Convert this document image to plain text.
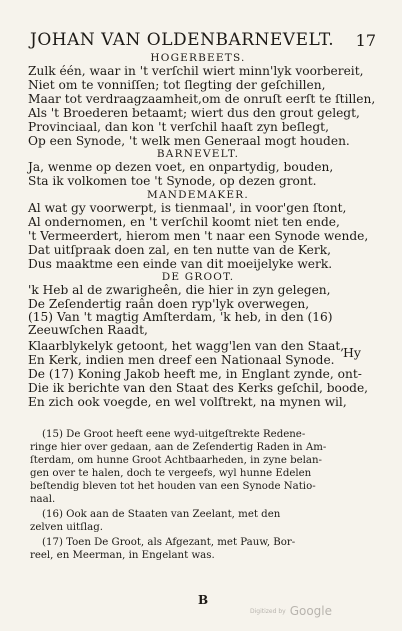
JOHAN VAN OLDENBARNEVELT. 17
HOGERBEETS.
Zulk één, waar in 't verſchil wiert minn'lyk voorbereit,
Niet om te vonniſſen; tot ſlegting der geſchillen,
Maar tot verdraagzaamheit,om de onruſt eerſt te ſtillen,
Als 't Broederen betaamt; wiert dus den grout gelegt,
Provinciaal, dan kon 't verſchil haaſt zyn beſlegt,
Op een Synode, 't welk men Generaal mogt houden.
BARNEVELT.
Ja, wenme op dezen voet, en onpartydig, bouden,
Sta ik volkomen toe 't Synode, op dezen gront.
MANDEMAKER.
Al wat gy voorwerpt, is tienmaal', in voor'gen ſtont,
Al ondernomen, en 't verſchil koomt niet ten ende,
't Vermeerdert, hierom men 't naar een Synode wende,
Dat uitſpraak doen zal, en ten nutte van de Kerk,
Dus maaktme een einde van dit moeijelyke werk.
DE GROOT.
'k Heb al de zwarigheên, die hier in zyn gelegen,
De Zeſendertig raân doen ryp'lyk overwegen,
(15) Van 't magtig Amſterdam, 'k heb, in den (16) Zeeuwſchen Raadt,
Klaarblykelyk getoont, het wagg'len van den Staat,
En Kerk, indien men dreef een Nationaal Synode.
De (17) Koning Jakob heeft me, in Englant zynde, ont-
Die ik berichte van den Staat des Kerks geſchil, boode,
En zich ook voegde, en wel volſtrekt, na mynen wil,
Hy
(15) De Groot heeft eene wyd-uitgeſtrekte Redene-
ringe hier over gedaan, aan de Zeſendertig Raden in Am-
ſterdam, om hunne Groot Achtbaarheden, in zyne belan-
gen over te halen, doch te vergeefs, wyl hunne Edelen
beſtendig bleven tot het houden van een Synode Natio-
naal.
(16) Ook aan de Staaten van Zeelant, met den
zelven uitſlag.
(17) Toen De Groot, als Afgezant, met Pauw, Bor-
reel, en Meerman, in Engelant was.
B
Digitized by Google
